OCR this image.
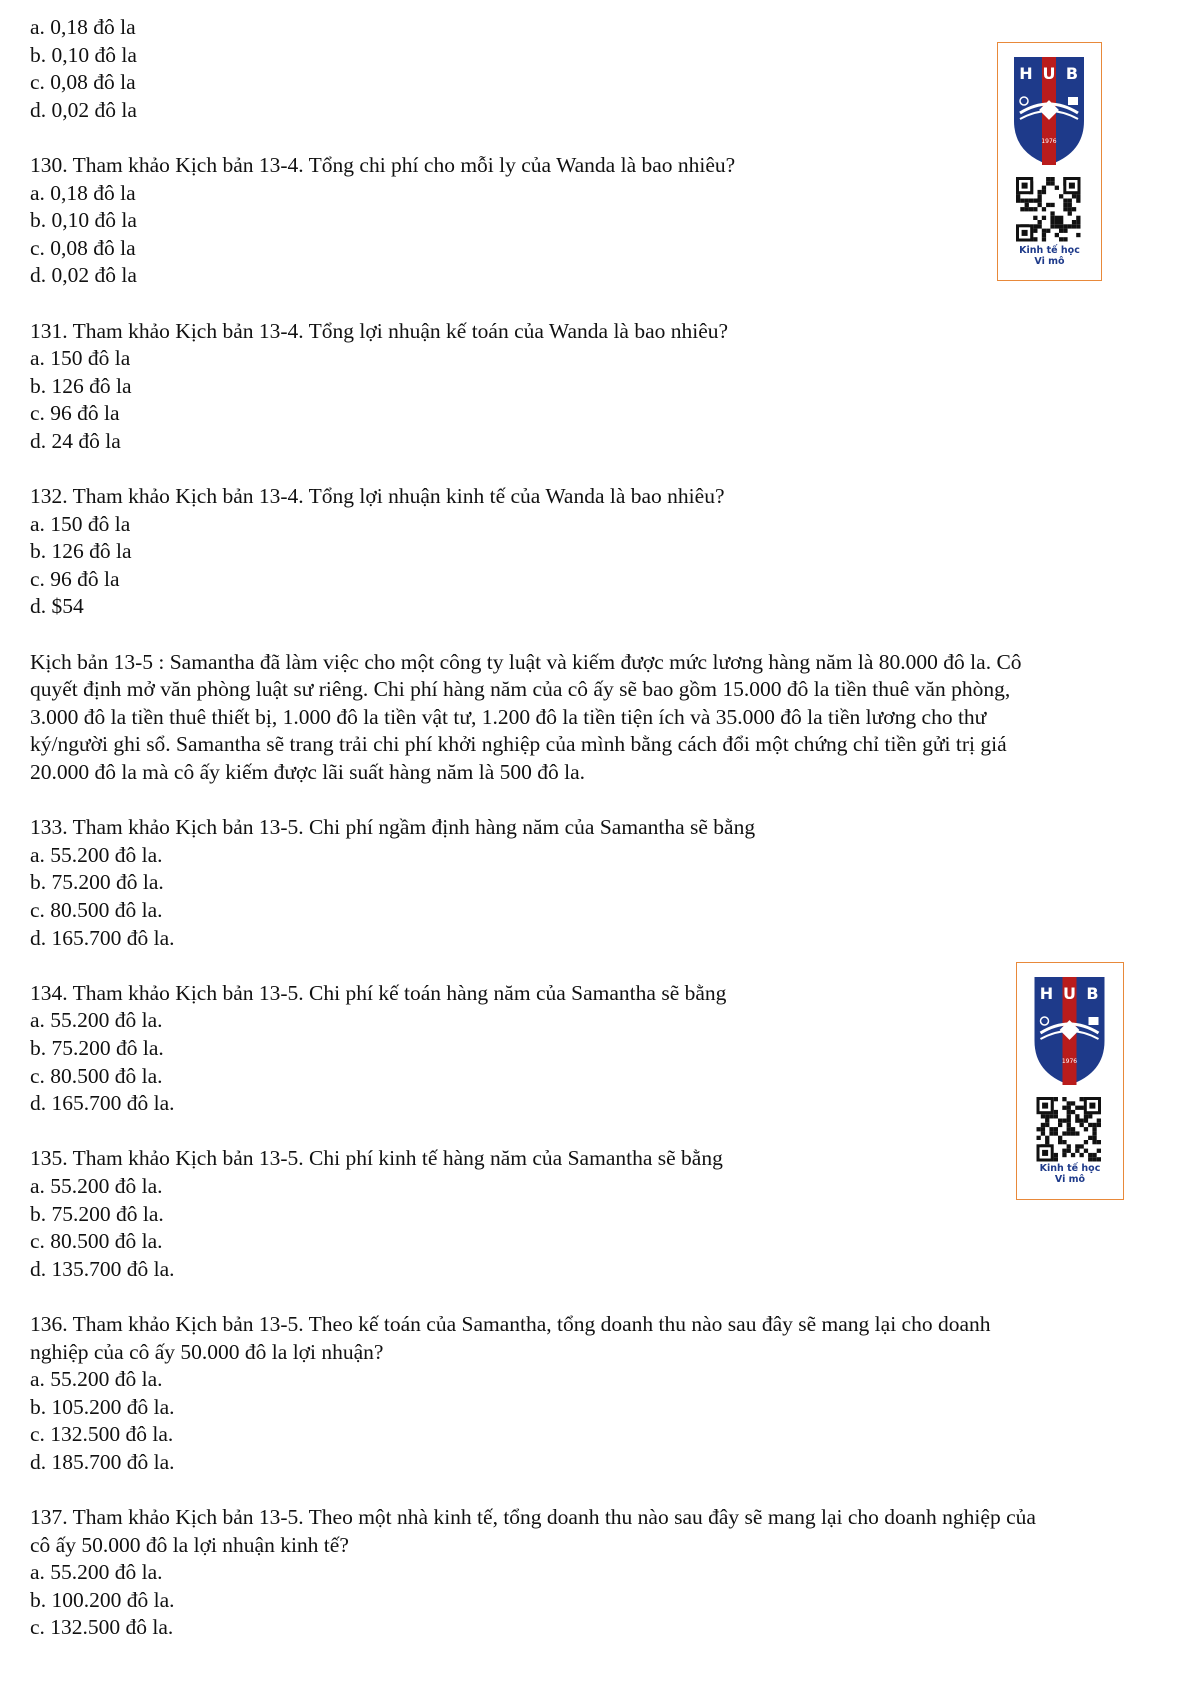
a. 0,18 đô la
b. 0,10 đô la
c. 0,08 đô la
d. 0,02 đô la
130. Tham khảo Kịch bản 13-4. Tổng chi phí cho mỗi ly của Wanda là bao nhiêu?
a. 0,18 đô la
b. 0,10 đô la
c. 0,08 đô la
d. 0,02 đô la
131. Tham khảo Kịch bản 13-4. Tổng lợi nhuận kế toán của Wanda là bao nhiêu?
a. 150 đô la
b. 126 đô la
c. 96 đô la
d. 24 đô la
132. Tham khảo Kịch bản 13-4. Tổng lợi nhuận kinh tế của Wanda là bao nhiêu?
a. 150 đô la
b. 126 đô la
c. 96 đô la
d. $54
Kịch bản 13-5 : Samantha đã làm việc cho một công ty luật và kiếm được mức lương hàng năm là 80.000 đô la. Cô
quyết định mở văn phòng luật sư riêng. Chi phí hàng năm của cô ấy sẽ bao gồm 15.000 đô la tiền thuê văn phòng,
3.000 đô la tiền thuê thiết bị, 1.000 đô la tiền vật tư, 1.200 đô la tiền tiện ích và 35.000 đô la tiền lương cho thư
ký/người ghi sổ. Samantha sẽ trang trải chi phí khởi nghiệp của mình bằng cách đổi một chứng chỉ tiền gửi trị giá
20.000 đô la mà cô ấy kiếm được lãi suất hàng năm là 500 đô la.
133. Tham khảo Kịch bản 13-5. Chi phí ngầm định hàng năm của Samantha sẽ bằng
a. 55.200 đô la.
b. 75.200 đô la.
c. 80.500 đô la.
d. 165.700 đô la.
134. Tham khảo Kịch bản 13-5. Chi phí kế toán hàng năm của Samantha sẽ bằng
a. 55.200 đô la.
b. 75.200 đô la.
c. 80.500 đô la.
d. 165.700 đô la.
135. Tham khảo Kịch bản 13-5. Chi phí kinh tế hàng năm của Samantha sẽ bằng
a. 55.200 đô la.
b. 75.200 đô la.
c. 80.500 đô la.
d. 135.700 đô la.
136. Tham khảo Kịch bản 13-5. Theo kế toán của Samantha, tổng doanh thu nào sau đây sẽ mang lại cho doanh
nghiệp của cô ấy 50.000 đô la lợi nhuận?
a. 55.200 đô la.
b. 105.200 đô la.
c. 132.500 đô la.
d. 185.700 đô la.
137. Tham khảo Kịch bản 13-5. Theo một nhà kinh tế, tổng doanh thu nào sau đây sẽ mang lại cho doanh nghiệp của
cô ấy 50.000 đô la lợi nhuận kinh tế?
a. 55.200 đô la.
b. 100.200 đô la.
c. 132.500 đô la.
H U B
1976
Kinh tế học
Vi mô
H U B
1976
Kinh tế học
Vi mô
